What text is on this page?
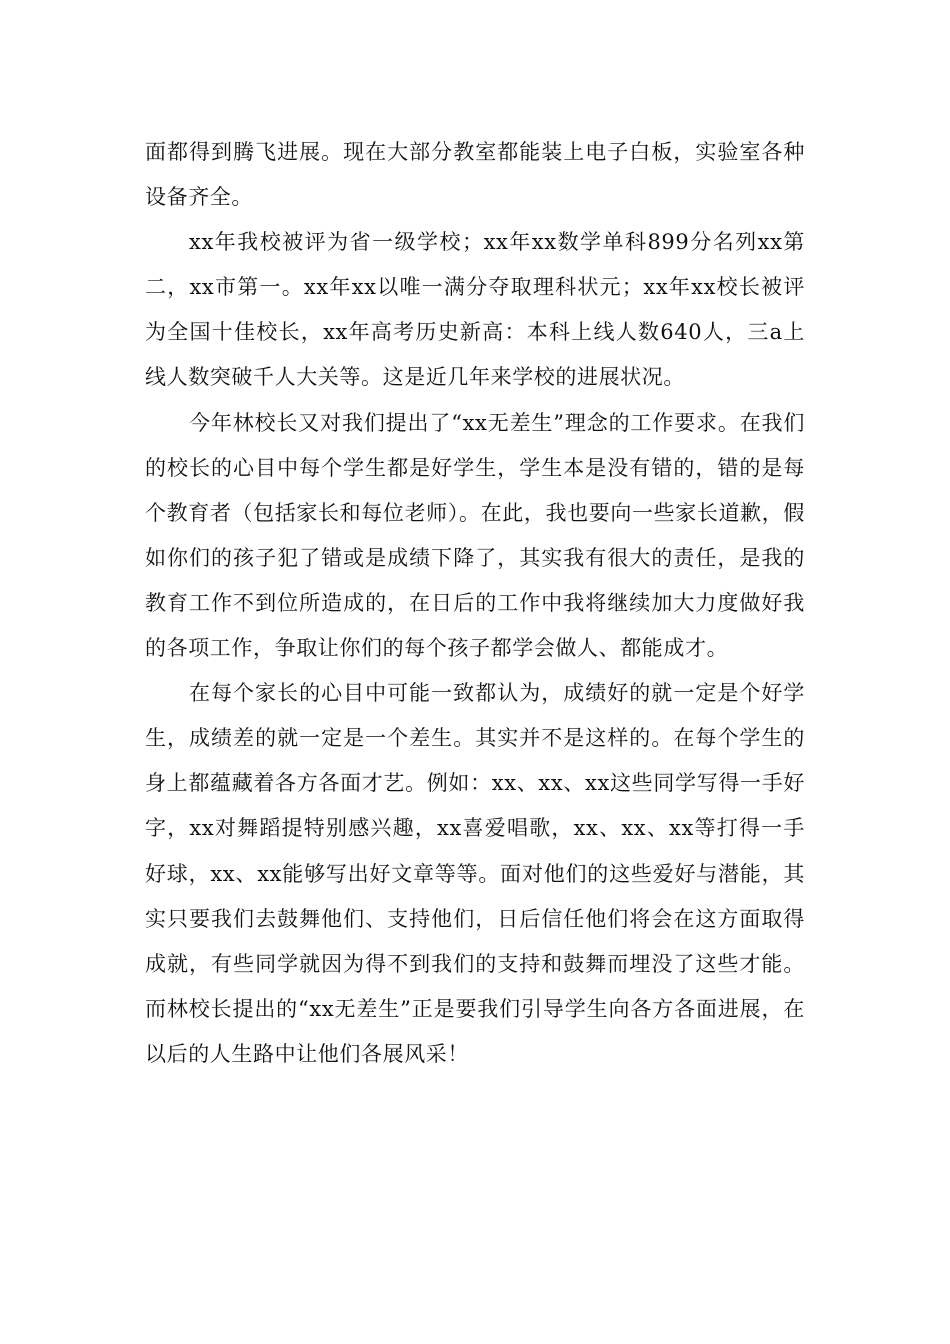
面都得到腾飞进展。现在大部分教室都能装上电子白板，实验室各种设备齐全。

xx年我校被评为省一级学校；xx年xx数学单科899分名列xx第二，xx市第一。xx年xx以唯一满分夺取理科状元；xx年xx校长被评为全国十佳校长，xx年高考历史新高：本科上线人数640人，三a上线人数突破千人大关等。这是近几年来学校的进展状况。

今年林校长又对我们提出了“xx无差生”理念的工作要求。在我们的校长的心目中每个学生都是好学生，学生本是没有错的，错的是每个教育者（包括家长和每位老师）。在此，我也要向一些家长道歉，假如你们的孩子犯了错或是成绩下降了，其实我有很大的责任，是我的教育工作不到位所造成的，在日后的工作中我将继续加大力度做好我的各项工作，争取让你们的每个孩子都学会做人、都能成才。

在每个家长的心目中可能一致都认为，成绩好的就一定是个好学生，成绩差的就一定是一个差生。其实并不是这样的。在每个学生的身上都蕴藏着各方各面才艺。例如：xx、xx、xx这些同学写得一手好字，xx对舞蹈提特别感兴趣，xx喜爱唱歌，xx、xx、xx等打得一手好球，xx、xx能够写出好文章等等。面对他们的这些爱好与潜能，其实只要我们去鼓舞他们、支持他们，日后信任他们将会在这方面取得成就，有些同学就因为得不到我们的支持和鼓舞而埋没了这些才能。而林校长提出的“xx无差生”正是要我们引导学生向各方各面进展，在以后的人生路中让他们各展风采！
